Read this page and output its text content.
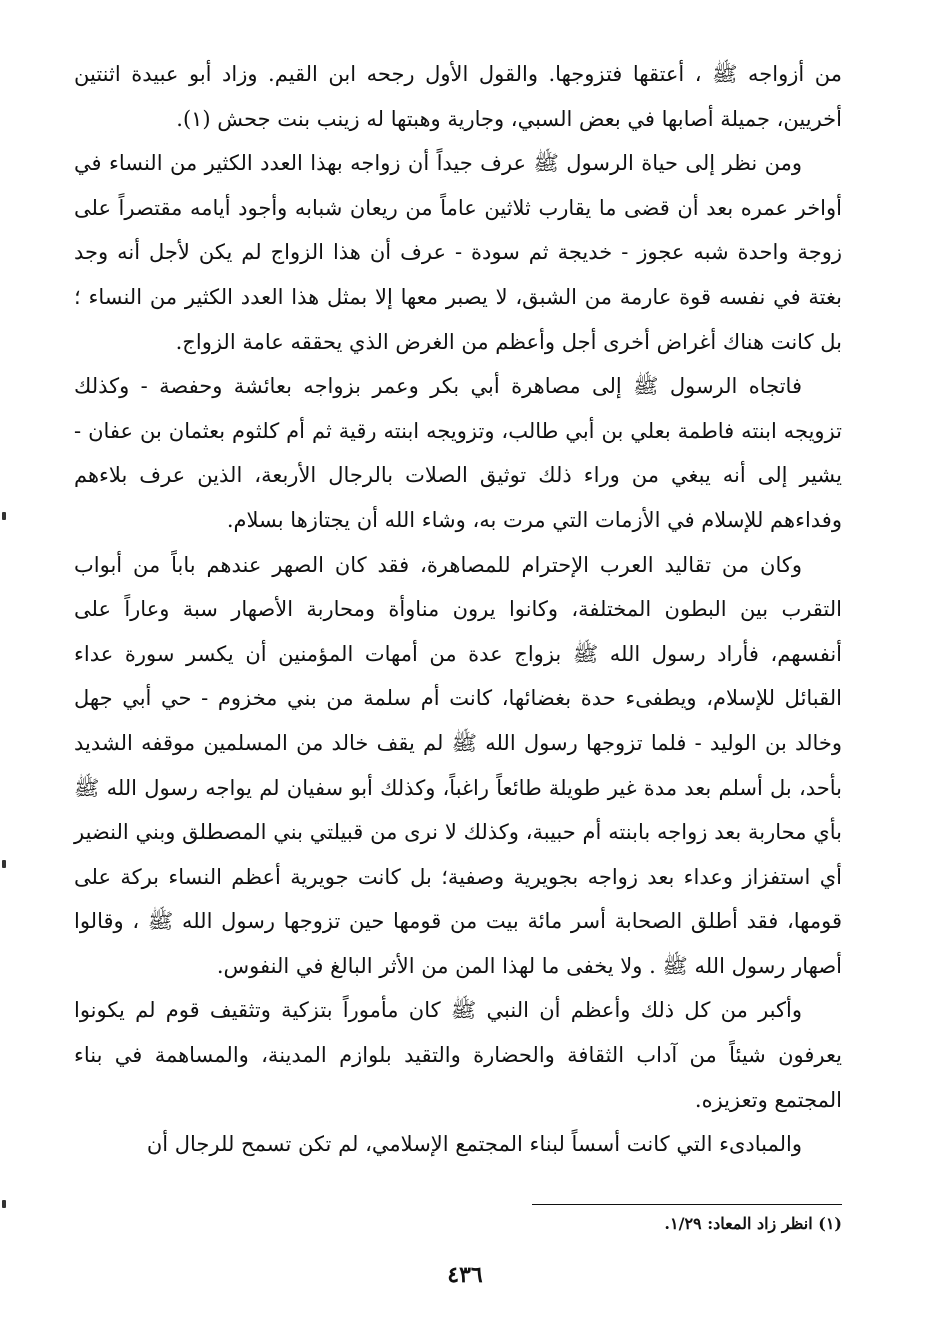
من أزواجه ﷺ ، أعتقها فتزوجها. والقول الأول رجحه ابن القيم. وزاد أبو عبيدة اثنتين أخريين، جميلة أصابها في بعض السبي، وجارية وهبتها له زينب بنت جحش (١).

ومن نظر إلى حياة الرسول ﷺ عرف جيداً أن زواجه بهذا العدد الكثير من النساء في أواخر عمره بعد أن قضى ما يقارب ثلاثين عاماً من ريعان شبابه وأجود أيامه مقتصراً على زوجة واحدة شبه عجوز - خديجة ثم سودة - عرف أن هذا الزواج لم يكن لأجل أنه وجد بغتة في نفسه قوة عارمة من الشبق، لا يصبر معها إلا بمثل هذا العدد الكثير من النساء ؛ بل كانت هناك أغراض أخرى أجل وأعظم من الغرض الذي يحققه عامة الزواج.

فاتجاه الرسول ﷺ إلى مصاهرة أبي بكر وعمر بزواجه بعائشة وحفصة - وكذلك تزويجه ابنته فاطمة بعلي بن أبي طالب، وتزويجه ابنته رقية ثم أم كلثوم بعثمان بن عفان - يشير إلى أنه يبغي من وراء ذلك توثيق الصلات بالرجال الأربعة، الذين عرف بلاءهم وفداءهم للإسلام في الأزمات التي مرت به، وشاء الله أن يجتازها بسلام.

وكان من تقاليد العرب الإحترام للمصاهرة، فقد كان الصهر عندهم باباً من أبواب التقرب بين البطون المختلفة، وكانوا يرون مناوأة ومحاربة الأصهار سبة وعاراً على أنفسهم، فأراد رسول الله ﷺ بزواج عدة من أمهات المؤمنين أن يكسر سورة عداء القبائل للإسلام، ويطفىء حدة بغضائها، كانت أم سلمة من بني مخزوم - حي أبي جهل وخالد بن الوليد - فلما تزوجها رسول الله ﷺ لم يقف خالد من المسلمين موقفه الشديد بأحد، بل أسلم بعد مدة غير طويلة طائعاً راغباً، وكذلك أبو سفيان لم يواجه رسول الله ﷺ بأي محاربة بعد زواجه بابنته أم حبيبة، وكذلك لا نرى من قبيلتي بني المصطلق وبني النضير أي استفزاز وعداء بعد زواجه بجويرية وصفية؛ بل كانت جويرية أعظم النساء بركة على قومها، فقد أطلق الصحابة أسر مائة بيت من قومها حين تزوجها رسول الله ﷺ ، وقالوا أصهار رسول الله ﷺ . ولا يخفى ما لهذا المن من الأثر البالغ في النفوس.

وأكبر من كل ذلك وأعظم أن النبي ﷺ كان مأموراً بتزكية وتثقيف قوم لم يكونوا يعرفون شيئاً من آداب الثقافة والحضارة والتقيد بلوازم المدينة، والمساهمة في بناء المجتمع وتعزيزه.

والمبادىء التي كانت أسساً لبناء المجتمع الإسلامي، لم تكن تسمح للرجال أن

(١) انظر زاد المعاد: ١/٢٩.
٤٣٦
